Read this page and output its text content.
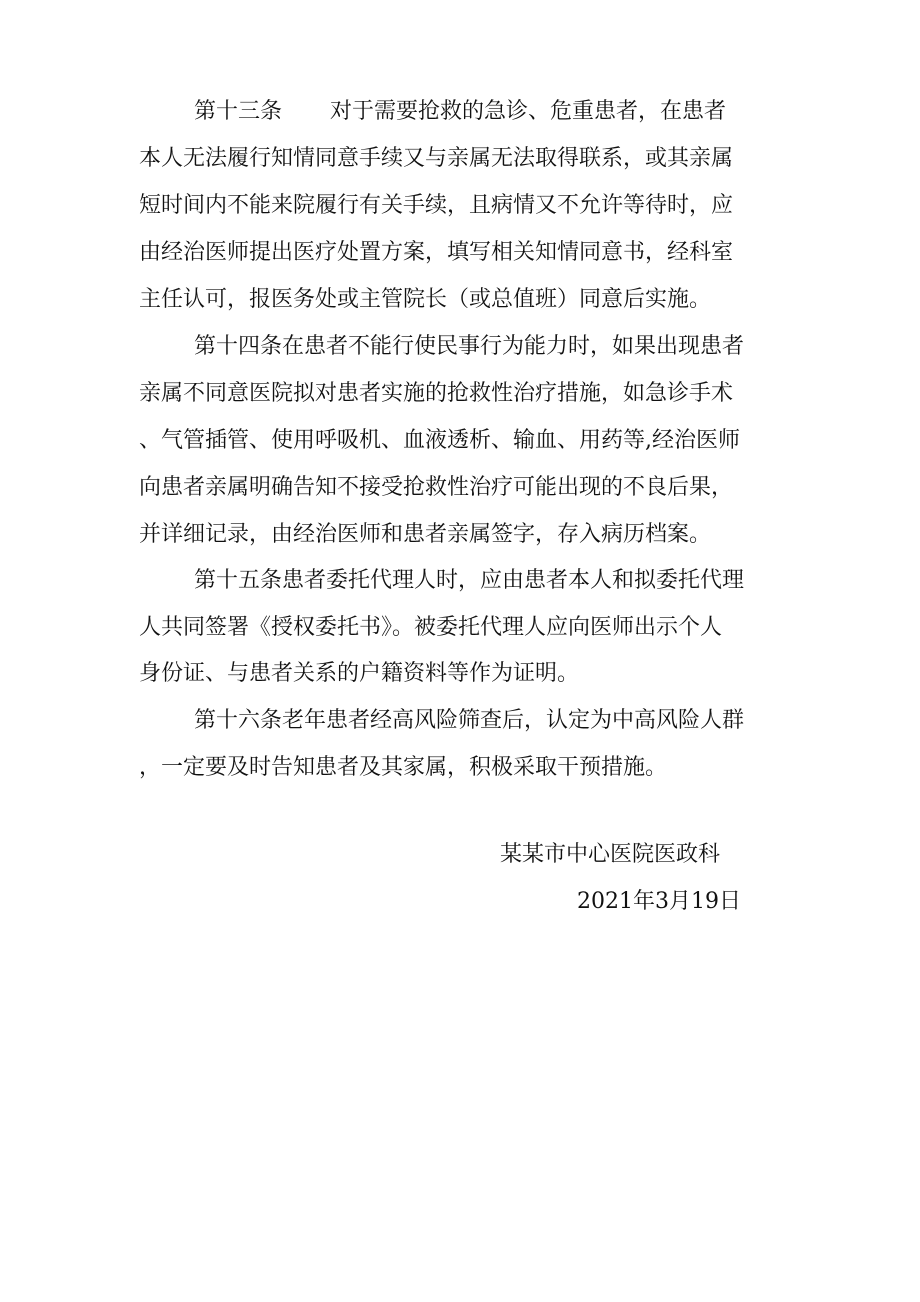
第十三条 对于需要抢救的急诊、危重患者，在患者
本人无法履行知情同意手续又与亲属无法取得联系，或其亲属
短时间内不能来院履行有关手续，且病情又不允许等待时，应
由经治医师提出医疗处置方案，填写相关知情同意书，经科室
主任认可，报医务处或主管院长（或总值班）同意后实施。
第十四条在患者不能行使民事行为能力时，如果出现患者
亲属不同意医院拟对患者实施的抢救性治疗措施，如急诊手术
、气管插管、使用呼吸机、血液透析、输血、用药等,经治医师
向患者亲属明确告知不接受抢救性治疗可能出现的不良后果，
并详细记录，由经治医师和患者亲属签字，存入病历档案。
第十五条患者委托代理人时，应由患者本人和拟委托代理
人共同签署《授权委托书》。被委托代理人应向医师出示个人
身份证、与患者关系的户籍资料等作为证明。
第十六条老年患者经高风险筛查后，认定为中高风险人群
，一定要及时告知患者及其家属，积极采取干预措施。
某某市中心医院医政科
2021年3月19日
